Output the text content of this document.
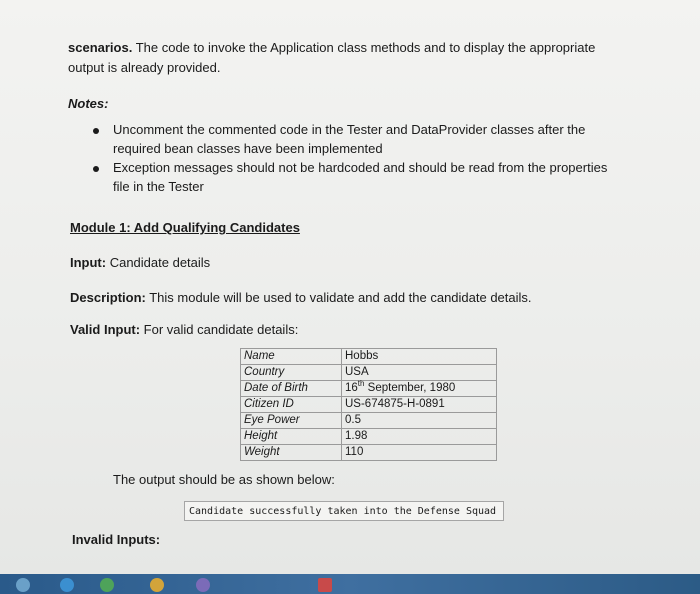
scenarios. The code to invoke the Application class methods and to display the appropriate
output is already provided.
Notes:
Uncomment the commented code in the Tester and DataProvider classes after the
required bean classes have been implemented
Exception messages should not be hardcoded and should be read from the properties
file in the Tester
Module 1: Add Qualifying Candidates
Input: Candidate details
Description: This module will be used to validate and add the candidate details.
Valid Input: For valid candidate details:
Name	Hobbs
Country	USA
Date of Birth	16th September, 1980
Citizen ID	US-674875-H-0891
Eye Power	0.5
Height	1.98
Weight	110
The output should be as shown below:
Candidate successfully taken into the Defense Squad
Invalid Inputs:
